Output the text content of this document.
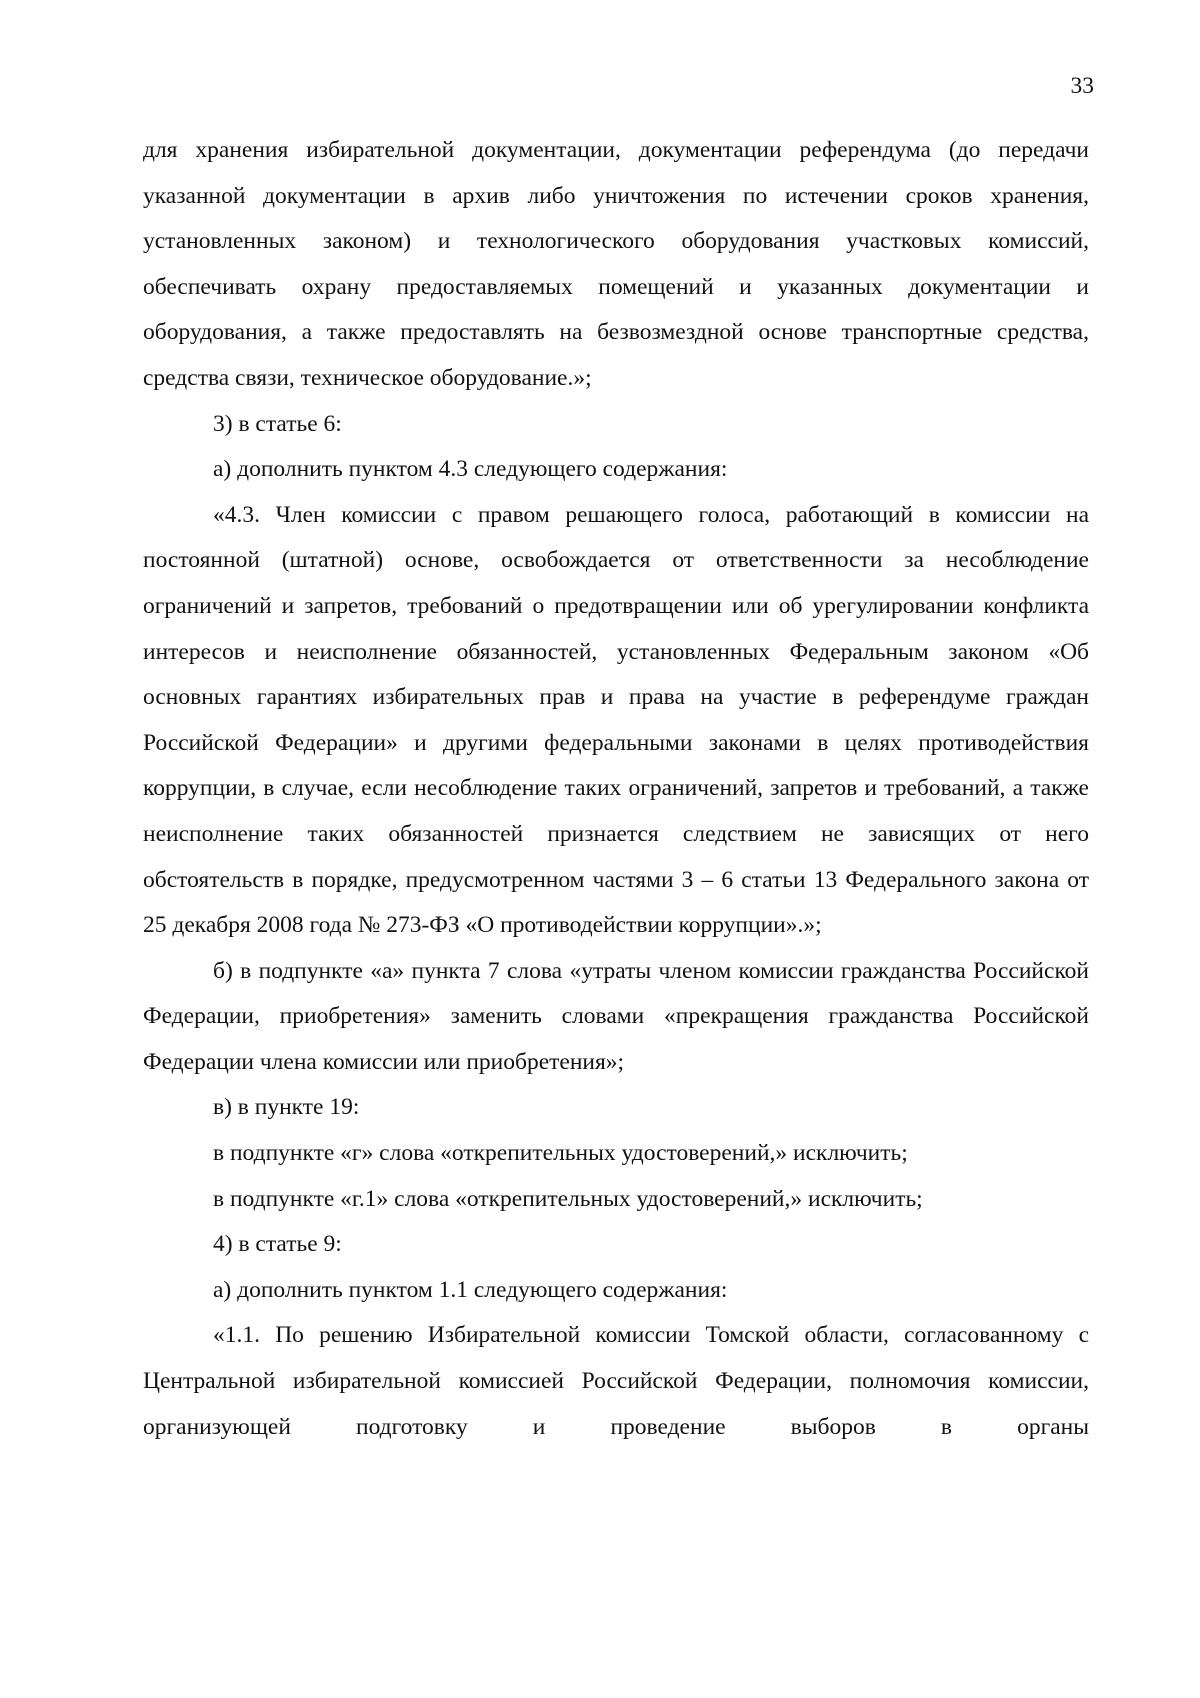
33

для хранения избирательной документации, документации референдума (до передачи указанной документации в архив либо уничтожения по истечении сроков хранения, установленных законом) и технологического оборудования участковых комиссий, обеспечивать охрану предоставляемых помещений и указанных документации и оборудования, а также предоставлять на безвозмездной основе транспортные средства, средства связи, техническое оборудование.»;

3) в статье 6:

а) дополнить пунктом 4.3 следующего содержания:

«4.3. Член комиссии с правом решающего голоса, работающий в комиссии на постоянной (штатной) основе, освобождается от ответственности за несоблюдение ограничений и запретов, требований о предотвращении или об урегулировании конфликта интересов и неисполнение обязанностей, установленных Федеральным законом «Об основных гарантиях избирательных прав и права на участие в референдуме граждан Российской Федерации» и другими федеральными законами в целях противодействия коррупции, в случае, если несоблюдение таких ограничений, запретов и требований, а также неисполнение таких обязанностей признается следствием не зависящих от него обстоятельств в порядке, предусмотренном частями 3 – 6 статьи 13 Федерального закона от 25 декабря 2008 года № 273-ФЗ «О противодействии коррупции».»;

б) в подпункте «а» пункта 7 слова «утраты членом комиссии гражданства Российской Федерации, приобретения» заменить словами «прекращения гражданства Российской Федерации члена комиссии или приобретения»;

в) в пункте 19:

в подпункте «г» слова «открепительных удостоверений,» исключить;

в подпункте «г.1» слова «открепительных удостоверений,» исключить;

4) в статье 9:

а) дополнить пунктом 1.1 следующего содержания:

«1.1. По решению Избирательной комиссии Томской области, согласованному с Центральной избирательной комиссией Российской Федерации, полномочия комиссии, организующей подготовку и проведение выборов в органы
